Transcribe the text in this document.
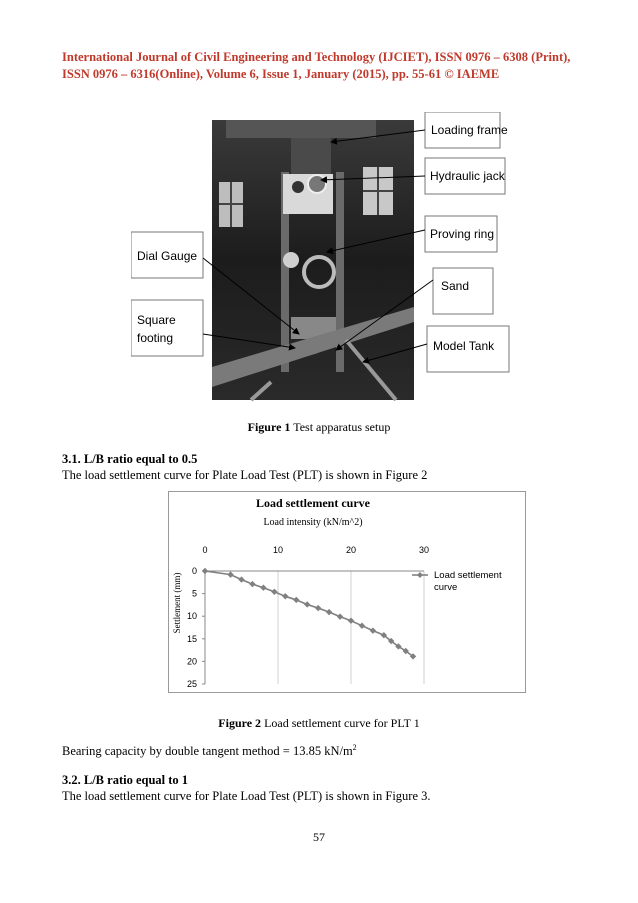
International Journal of Civil Engineering and Technology (IJCIET), ISSN 0976 – 6308 (Print),
ISSN 0976 – 6316(Online), Volume 6, Issue 1, January (2015), pp. 55-61 © IAEME
Loading frame
Hydraulic jack
Proving ring
Sand
Model Tank
Dial Gauge
Square
footing
Figure 1 Test apparatus setup
3.1. L/B ratio equal to 0.5
The load settlement curve for Plate Load Test (PLT) is shown in Figure 2
Load settlement curve
Load intensity (kN/m^2)
Settlement (mm)
0	10	20	30
0
5
10
15
20
25
Load settlement
curve
Figure 2 Load settlement curve for PLT 1
Bearing capacity by double tangent method = 13.85 $kN/m^2$
3.2. L/B ratio equal to 1
The load settlement curve for Plate Load Test (PLT) is shown in Figure 3.
57
